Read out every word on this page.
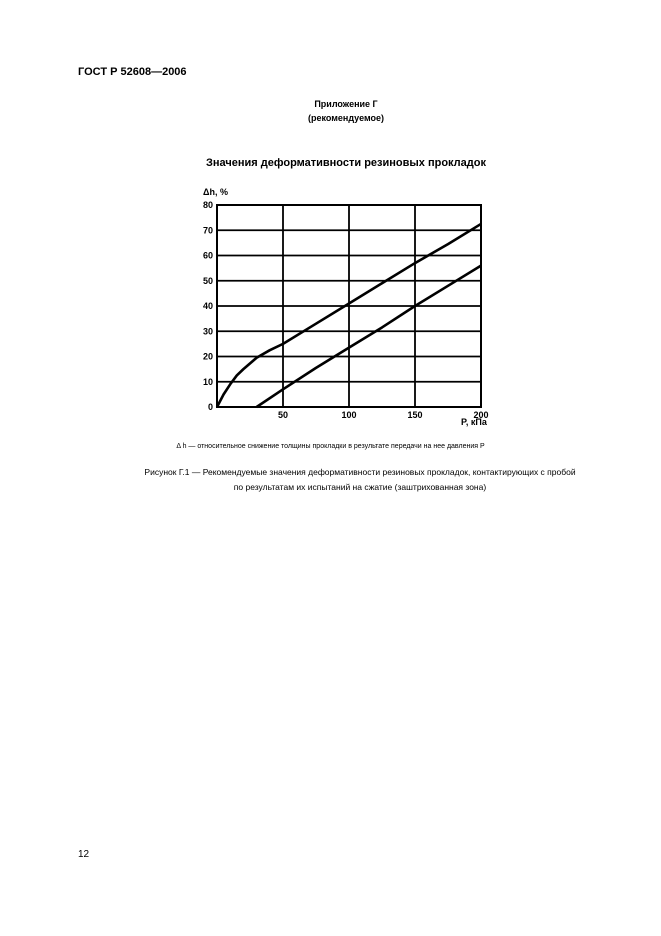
ГОСТ Р 52608—2006
Приложение Г
(рекомендуемое)
Значения деформативности резиновых прокладок
Δh, %
P, кПа
0
10
20
30
40
50
60
70
80
50	100	150	200
Δ h — относительное снижение толщины прокладки в результате передачи на нее давления P
Рисунок Г.1 — Рекомендуемые значения деформативности резиновых прокладок, контактирующих с пробой
по результатам их испытаний на сжатие (заштрихованная зона)
12
